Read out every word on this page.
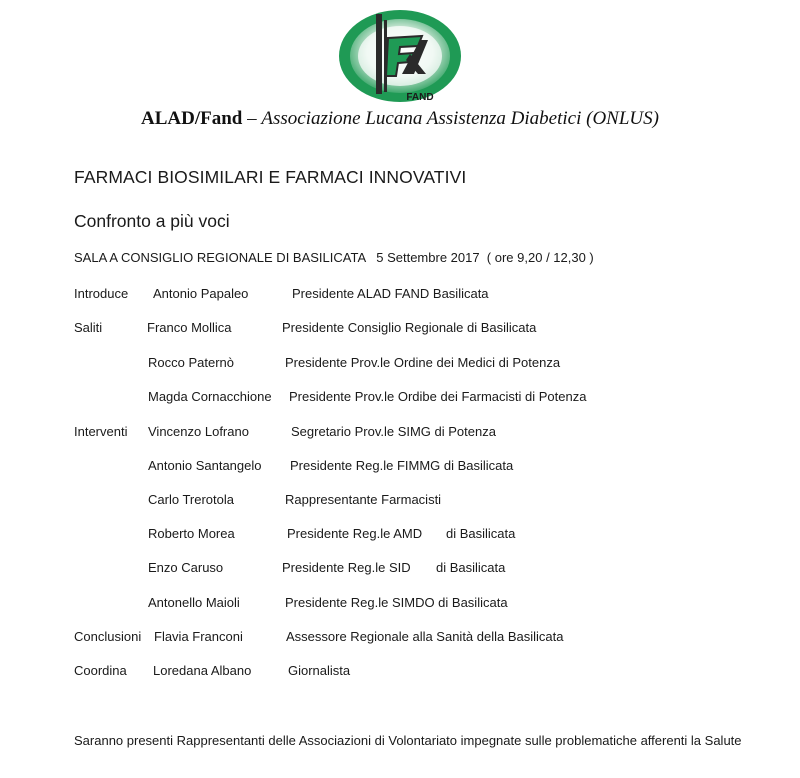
FAND
ALAD/Fand – Associazione Lucana Assistenza Diabetici (ONLUS)
FARMACI BIOSIMILARI E FARMACI INNOVATIVI
Confronto a più voci
SALA A CONSIGLIO REGIONALE DI BASILICATA   5 Settembre 2017  ( ore 9,20 / 12,30 )
Introduce Antonio Papaleo	Presidente ALAD FAND Basilicata
Saliti	Franco Mollica	Presidente Consiglio Regionale di Basilicata
Rocco Paternò	Presidente Prov.le Ordine dei Medici di Potenza
Magda Cornacchione Presidente Prov.le Ordibe dei Farmacisti di Potenza
Interventi Vincenzo Lofrano	Segretario Prov.le SIMG di Potenza
Antonio Santangelo Presidente Reg.le FIMMG di Basilicata
Carlo Trerotola	Rappresentante Farmacisti
Roberto Morea	Presidente Reg.le AMD di Basilicata
Enzo Caruso	Presidente Reg.le SID di Basilicata
Antonello Maioli	Presidente Reg.le SIMDO di Basilicata
Conclusioni Flavia Franconi	Assessore Regionale alla Sanità della Basilicata
Coordina Loredana Albano	Giornalista
Saranno presenti Rappresentanti delle Associazioni di Volontariato impegnate sulle problematiche afferenti la Salute
